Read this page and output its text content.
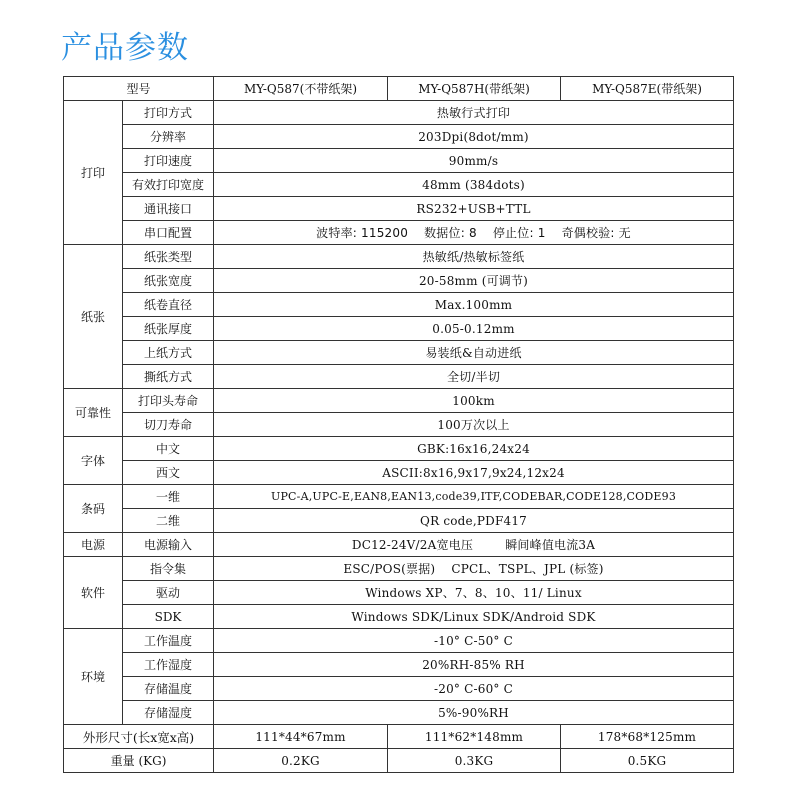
产品参数
型号		MY-Q587(不带纸架)	MY-Q587H(带纸架)	MY-Q587E(带纸架)
打印	打印方式	热敏行式打印		
	分辨率	203Dpi(8dot/mm)		
	打印速度	90mm/s		
	有效打印宽度	48mm (384dots)		
	通讯接口	RS232+USB+TTL		
	串口配置	波特率: 115200    数据位: 8    停止位: 1    奇偶校验: 无		
纸张	纸张类型	热敏纸/热敏标签纸		
	纸张宽度	20-58mm (可调节)		
	纸卷直径	Max.100mm		
	纸张厚度	0.05-0.12mm		
	上纸方式	易装纸&自动进纸		
	撕纸方式	全切/半切		
可靠性	打印头寿命	100km		
	切刀寿命	100万次以上		
字体	中文	GBK:16x16,24x24		
	西文	ASCII:8x16,9x17,9x24,12x24		
条码	一维	UPC-A,UPC-E,EAN8,EAN13,code39,ITF,CODEBAR,CODE128,CODE93		
	二维	QR code,PDF417		
电源	电源输入	DC12-24V/2A宽电压        瞬间峰值电流3A		
软件	指令集	ESC/POS(票据)    CPCL、TSPL、JPL (标签)		
	驱动	Windows XP、7、8、10、11/ Linux		
	SDK	Windows SDK/Linux SDK/Android SDK		
环境	工作温度	-10° C-50° C		
	工作湿度	20%RH-85% RH		
	存储温度	-20° C-60° C		
	存储湿度	5%-90%RH		
外形尺寸(长x宽x高)		111*44*67mm	111*62*148mm	178*68*125mm
重量 (KG)		0.2KG	0.3KG	0.5KG
